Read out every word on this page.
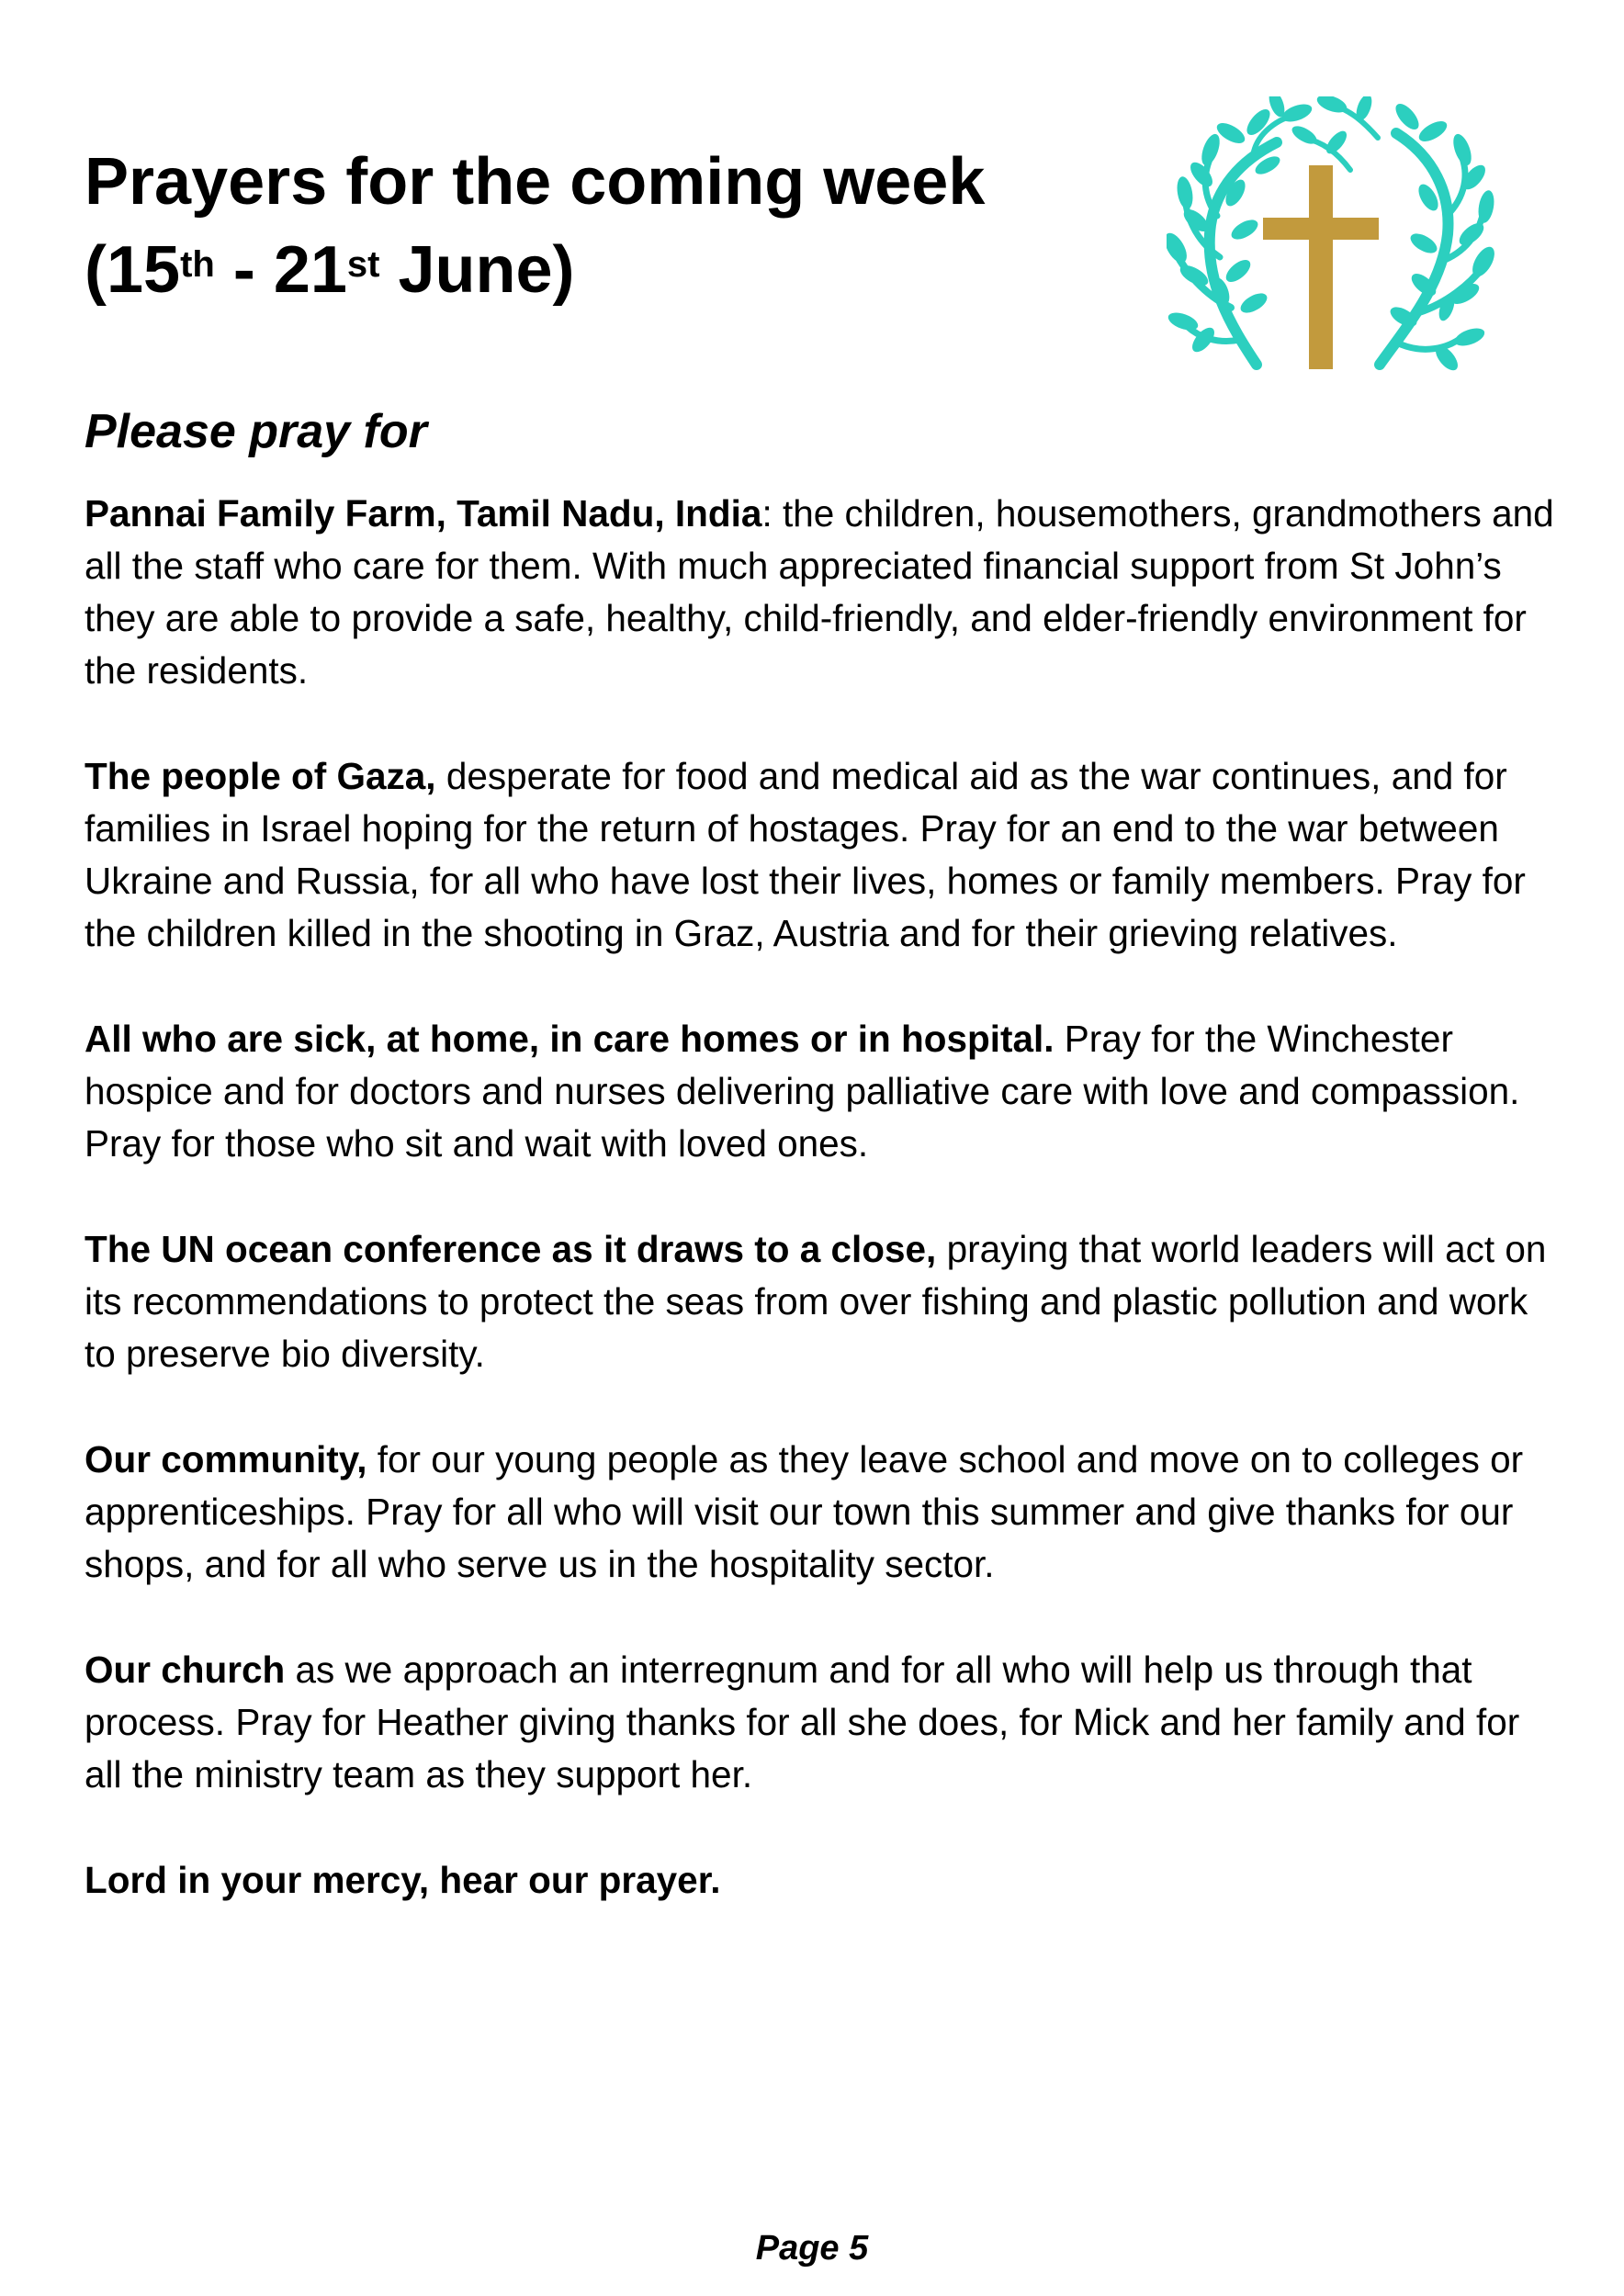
Prayers for the coming week
(15th - 21st June)
Please pray for

Pannai Family Farm, Tamil Nadu, India: the children, housemothers, grandmothers and all the staff who care for them. With much appreciated financial support from St John’s they are able to provide a safe, healthy, child-friendly, and elder-friendly environment for the residents.

The people of Gaza, desperate for food and medical aid as the war continues, and for families in Israel hoping for the return of hostages. Pray for an end to the war between Ukraine and Russia, for all who have lost their lives, homes or family members. Pray for the children killed in the shooting in Graz, Austria and for their grieving relatives.

All who are sick, at home, in care homes or in hospital. Pray for the Winchester hospice and for doctors and nurses delivering palliative care with love and compassion. Pray for those who sit and wait with loved ones.

The UN ocean conference as it draws to a close, praying that world leaders will act on its recommendations to protect the seas from over fishing and plastic pollution and work to preserve bio diversity.

Our community, for our young people as they leave school and move on to colleges or apprenticeships. Pray for all who will visit our town this summer and give thanks for our shops, and for all who serve us in the hospitality sector.

Our church as we approach an interregnum and for all who will help us through that process. Pray for Heather giving thanks for all she does, for Mick and her family and for all the ministry team as they support her.

Lord in your mercy, hear our prayer.

Page 5
